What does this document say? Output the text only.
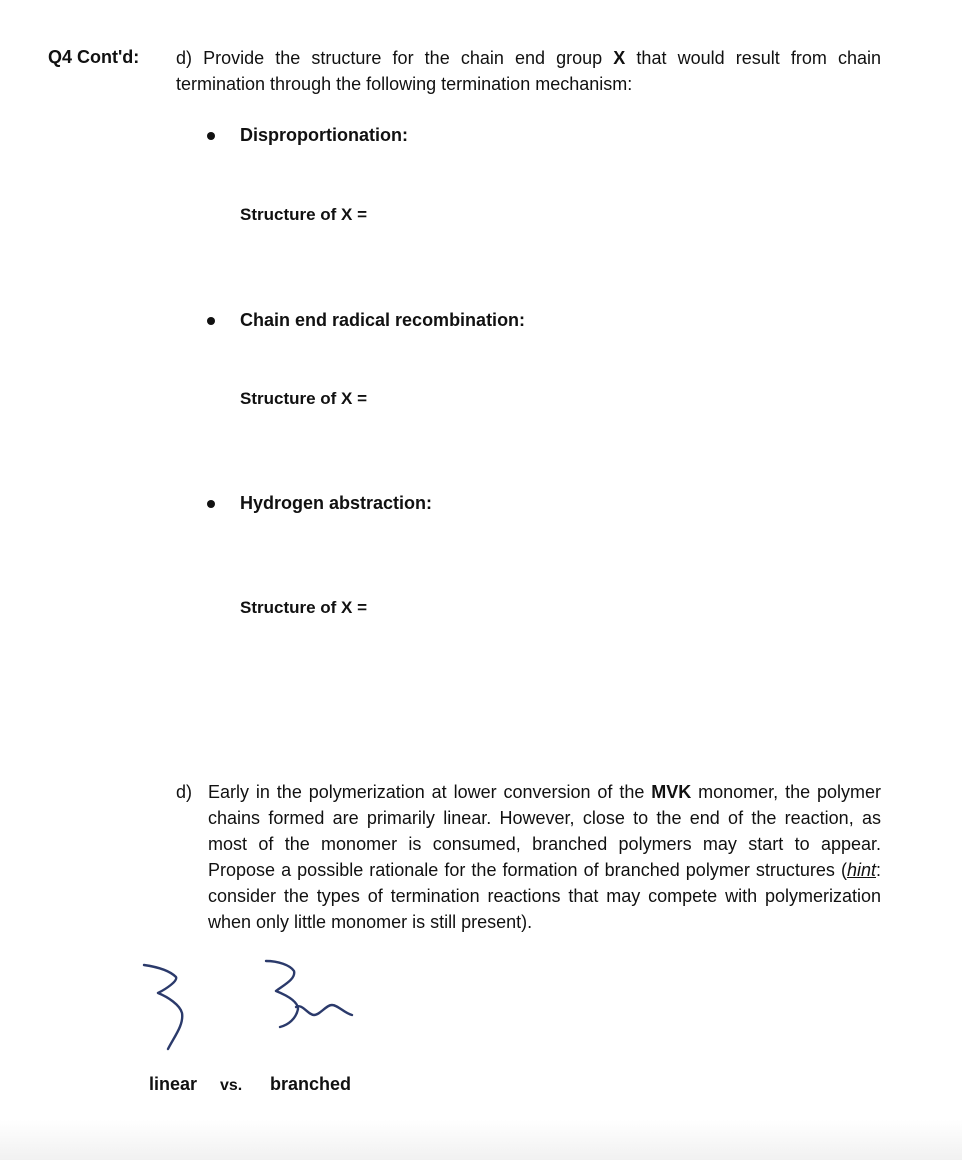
Q4 Cont'd: d) Provide the structure for the chain end group X that would result from chain termination through the following termination mechanism:
Disproportionation:
Structure of X =
Chain end radical recombination:
Structure of X =
Hydrogen abstraction:
Structure of X =
d) Early in the polymerization at lower conversion of the MVK monomer, the polymer chains formed are primarily linear. However, close to the end of the reaction, as most of the monomer is consumed, branched polymers may start to appear. Propose a possible rationale for the formation of branched polymer structures (hint: consider the types of termination reactions that may compete with polymerization when only little monomer is still present).
linear vs. branched
